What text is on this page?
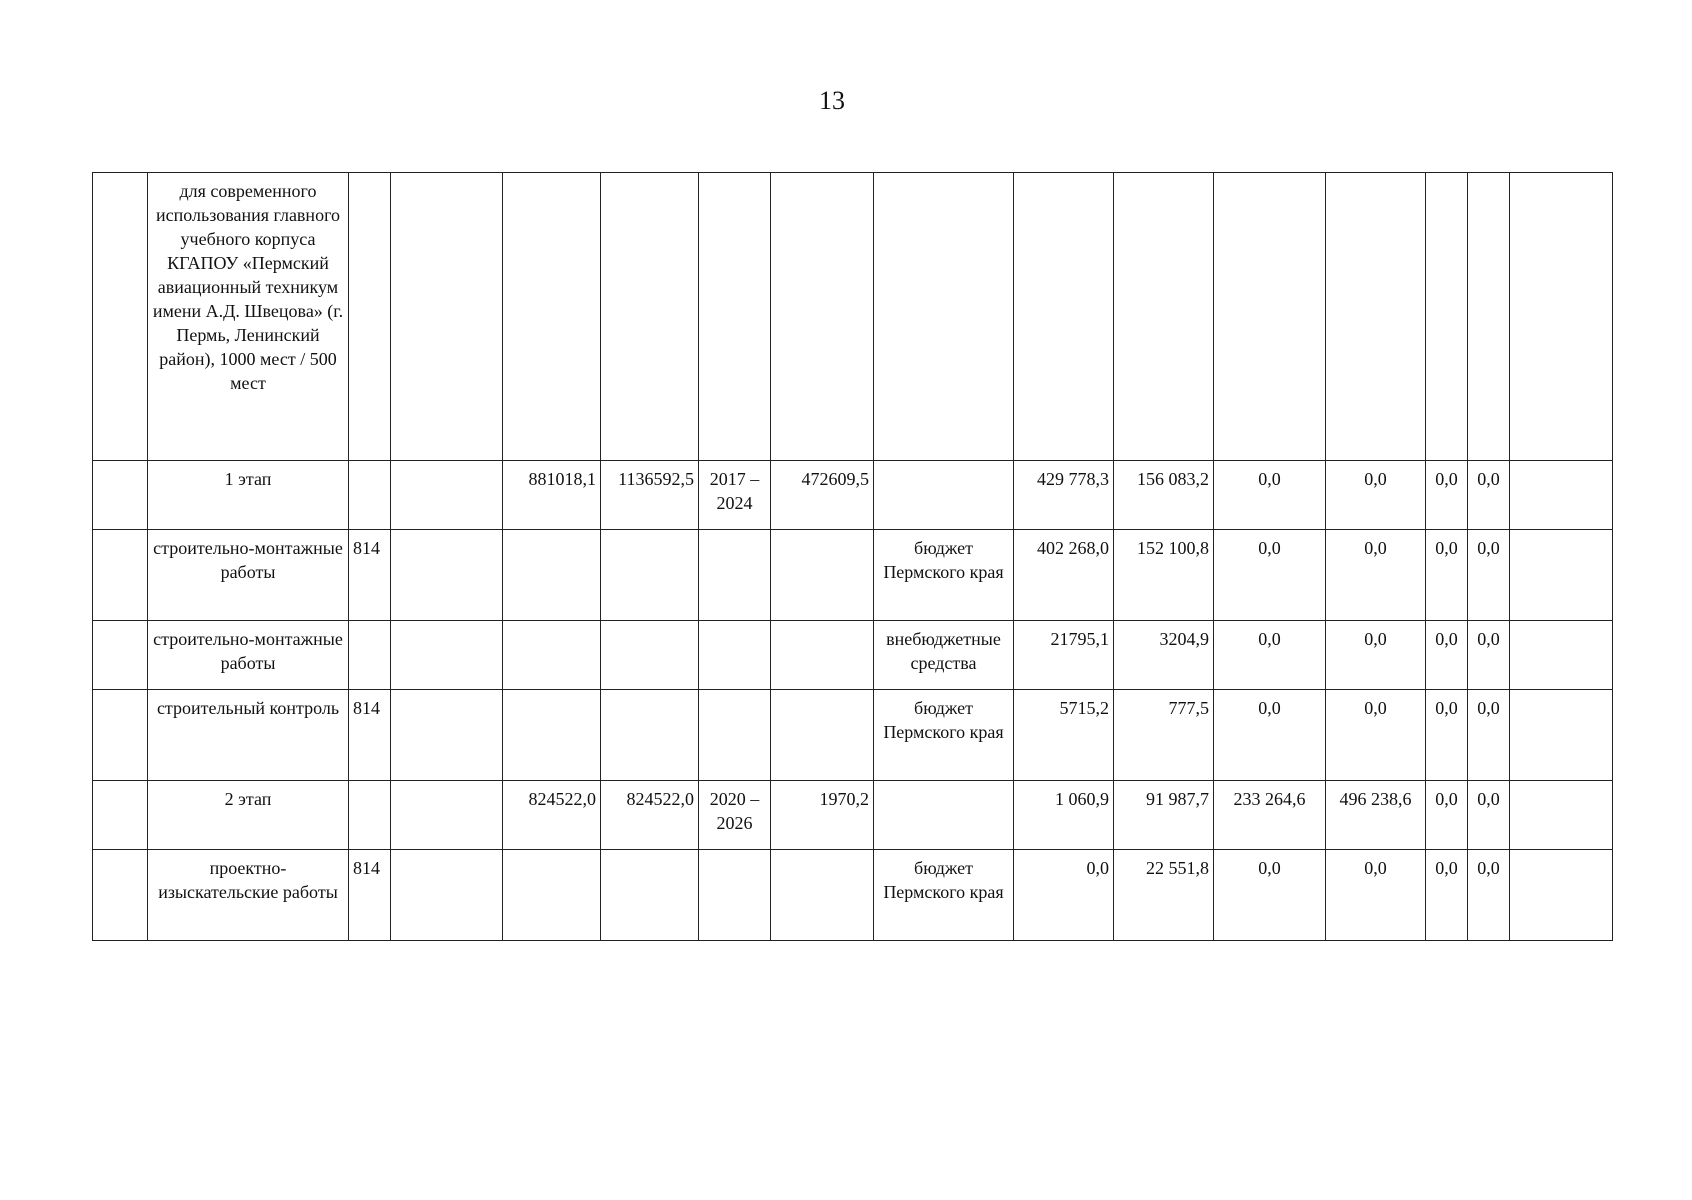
13
	для современного использования главного учебного корпуса КГАПОУ «Пермский авиационный техникум имени А.Д. Швецова» (г. Пермь, Ленинский район), 1000 мест / 500 мест														
	1 этап			881018,1	1136592,5	2017 – 2024	472609,5		429 778,3	156 083,2	0,0	0,0	0,0	0,0	
	строительно-монтажные работы	814						бюджет Пермского края	402 268,0	152 100,8	0,0	0,0	0,0	0,0	
	строительно-монтажные работы							внебюджетные средства	21795,1	3204,9	0,0	0,0	0,0	0,0	
	строительный контроль	814						бюджет Пермского края	5715,2	777,5	0,0	0,0	0,0	0,0	
	2 этап			824522,0	824522,0	2020 – 2026	1970,2		1 060,9	91 987,7	233 264,6	496 238,6	0,0	0,0	
	проектно-изыскательские работы	814						бюджет Пермского края	0,0	22 551,8	0,0	0,0	0,0	0,0	
